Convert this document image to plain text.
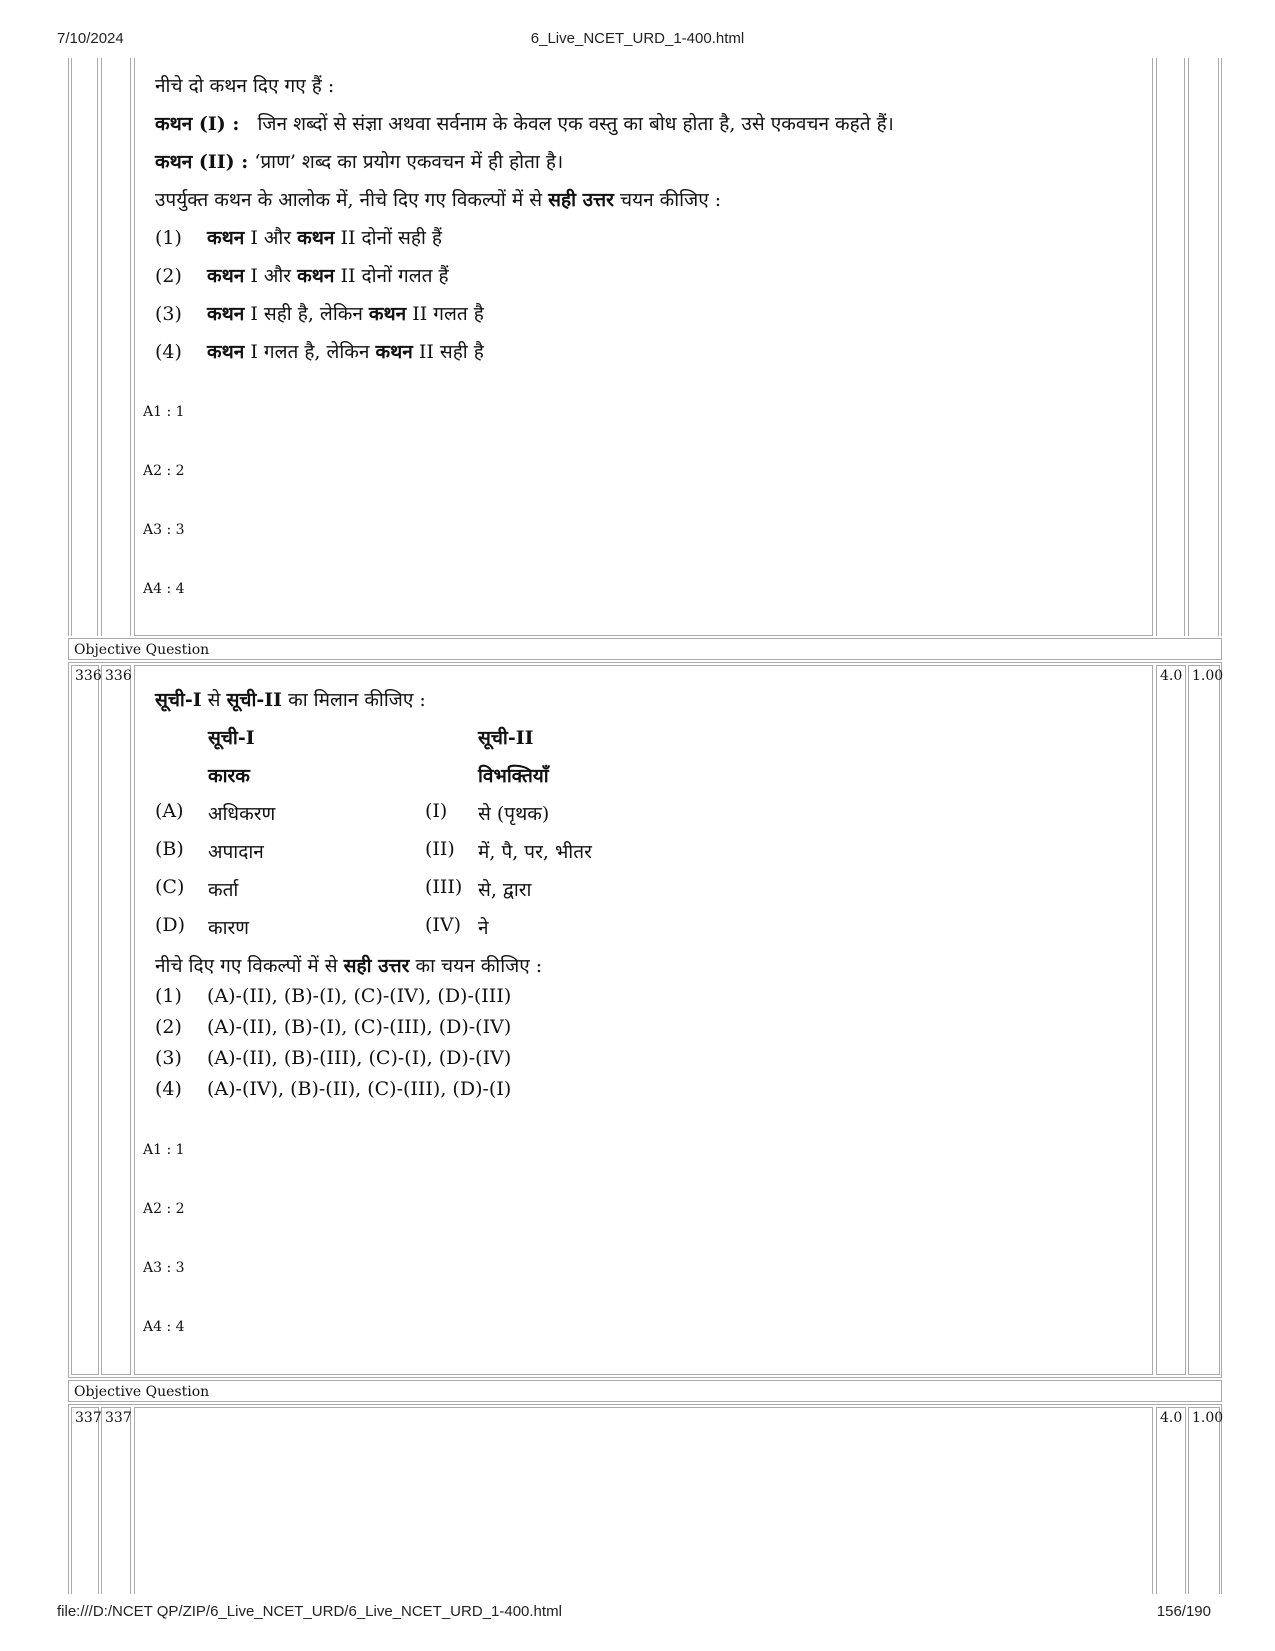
7/10/2024	6_Live_NCET_URD_1-400.html
file:///D:/NCET QP/ZIP/6_Live_NCET_URD/6_Live_NCET_URD_1-400.html	156/190
नीचे दो कथन दिए गए हैं :
कथन (I) : जिन शब्दों से संज्ञा अथवा सर्वनाम के केवल एक वस्तु का बोध होता है, उसे एकवचन कहते हैं।
कथन (II) : ‘प्राण’ शब्द का प्रयोग एकवचन में ही होता है।
उपर्युक्त कथन के आलोक में, नीचे दिए गए विकल्पों में से सही उत्तर चयन कीजिए :
(1) कथन I और कथन II दोनों सही हैं
(2) कथन I और कथन II दोनों गलत हैं
(3) कथन I सही है, लेकिन कथन II गलत है
(4) कथन I गलत है, लेकिन कथन II सही है
A1 : 1
A2 : 2
A3 : 3
A4 : 4
Objective Question
336 336	4.0 1.00
सूची-I से सूची-II का मिलान कीजिए :
सूची-I	सूची-II
कारक	विभक्तियाँ
(A) अधिकरण	(I) से (पृथक)
(B) अपादान	(II) में, पै, पर, भीतर
(C) कर्ता	(III) से, द्वारा
(D) कारण	(IV) ने
नीचे दिए गए विकल्पों में से सही उत्तर का चयन कीजिए :
(1) (A)-(II), (B)-(I), (C)-(IV), (D)-(III)
(2) (A)-(II), (B)-(I), (C)-(III), (D)-(IV)
(3) (A)-(II), (B)-(III), (C)-(I), (D)-(IV)
(4) (A)-(IV), (B)-(II), (C)-(III), (D)-(I)
A1 : 1
A2 : 2
A3 : 3
A4 : 4
Objective Question
337 337	4.0 1.00
